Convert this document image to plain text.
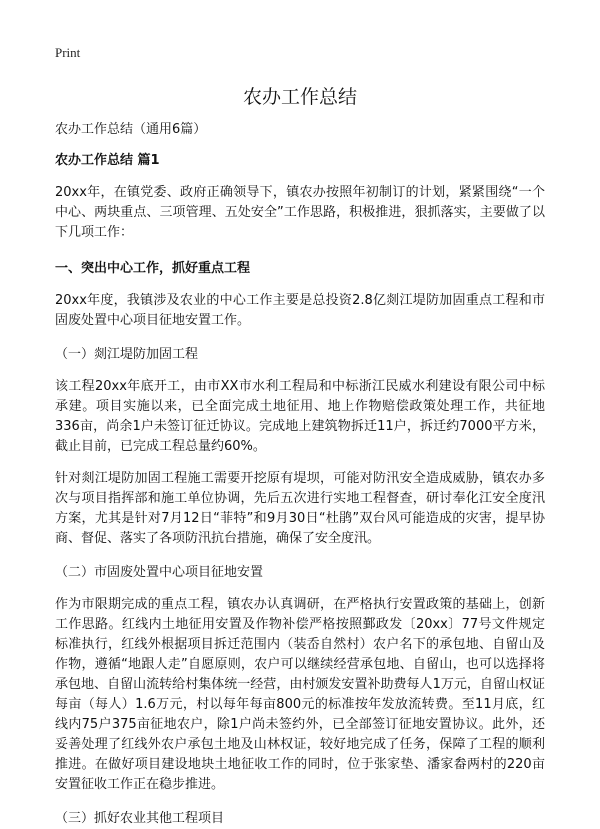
Print
农办工作总结

农办工作总结（通用6篇）

农办工作总结 篇1

20xx年，在镇党委、政府正确领导下，镇农办按照年初制订的计划，紧紧围绕“一个中心、两块重点、三项管理、五处安全”工作思路，积极推进，狠抓落实，主要做了以下几项工作：

一、突出中心工作，抓好重点工程

20xx年度，我镇涉及农业的中心工作主要是总投资2.8亿剡江堤防加固重点工程和市固废处置中心项目征地安置工作。

（一）剡江堤防加固工程

该工程20xx年底开工，由市XX市水利工程局和中标浙江民威水利建设有限公司中标承建。项目实施以来，已全面完成土地征用、地上作物赔偿政策处理工作，共征地336亩，尚余1户未签订征迁协议。完成地上建筑物拆迁11户，拆迁约7000平方米，截止目前，已完成工程总量约60%。

针对剡江堤防加固工程施工需要开挖原有堤坝，可能对防汛安全造成威胁，镇农办多次与项目指挥部和施工单位协调，先后五次进行实地工程督查，研讨奉化江安全度汛方案，尤其是针对7月12日“菲特”和9月30日“杜鹃”双台风可能造成的灾害，提早协商、督促、落实了各项防汛抗台措施，确保了安全度汛。

（二）市固废处置中心项目征地安置

作为市限期完成的重点工程，镇农办认真调研，在严格执行安置政策的基础上，创新工作思路。红线内土地征用安置及作物补偿严格按照鄞政发〔20xx〕77号文件规定标准执行，红线外根据项目拆迁范围内（装岙自然村）农户名下的承包地、自留山及作物，遵循“地跟人走”自愿原则，农户可以继续经营承包地、自留山，也可以选择将承包地、自留山流转给村集体统一经营，由村颁发安置补助费每人1万元，自留山权证每亩（每人）1.6万元，村以每年每亩800元的标准按年发放流转费。至11月底，红线内75户375亩征地农户，除1户尚未签约外，已全部签订征地安置协议。此外，还妥善处理了红线外农户承包土地及山林权证，较好地完成了任务，保障了工程的顺利推进。在做好项目建设地块土地征收工作的同时，位于张家垫、潘家畚两村的220亩安置征收工作正在稳步推进。

（三）抓好农业其他工程项目
